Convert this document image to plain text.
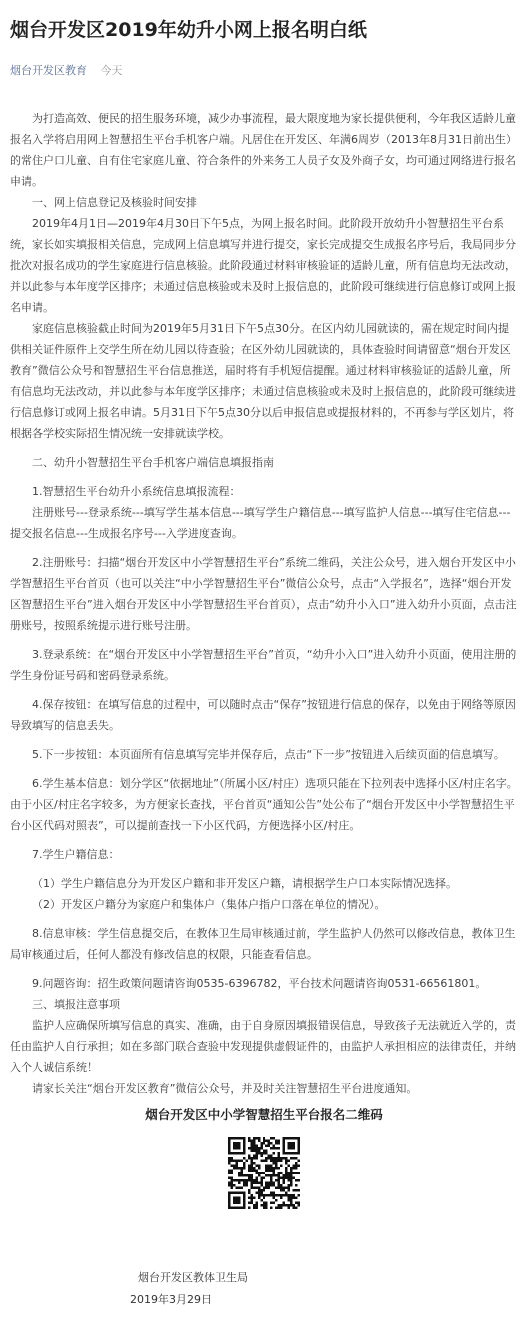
烟台开发区2019年幼升小网上报名明白纸
烟台开发区教育 今天

为打造高效、便民的招生服务环境，减少办事流程，最大限度地为家长提供便利，今年我区适龄儿童报名入学将启用网上智慧招生平台手机客户端。凡居住在开发区、年满6周岁（2013年8月31日前出生）的常住户口儿童、自有住宅家庭儿童、符合条件的外来务工人员子女及外商子女，均可通过网络进行报名申请。

一、网上信息登记及核验时间安排

2019年4月1日—2019年4月30日下午5点，为网上报名时间。此阶段开放幼升小智慧招生平台系统，家长如实填报相关信息，完成网上信息填写并进行提交，家长完成提交生成报名序号后，我局同步分批次对报名成功的学生家庭进行信息核验。此阶段通过材料审核验证的适龄儿童，所有信息均无法改动，并以此参与本年度学区排序；未通过信息核验或未及时上报信息的，此阶段可继续进行信息修订或网上报名申请。

家庭信息核验截止时间为2019年5月31日下午5点30分。在区内幼儿园就读的，需在规定时间内提供相关证件原件上交学生所在幼儿园以待查验；在区外幼儿园就读的，具体查验时间请留意“烟台开发区教育”微信公众号和智慧招生平台信息推送，届时将有手机短信提醒。通过材料审核验证的适龄儿童，所有信息均无法改动，并以此参与本年度学区排序；未通过信息核验或未及时上报信息的，此阶段可继续进行信息修订或网上报名申请。5月31日下午5点30分以后申报信息或提报材料的，不再参与学区划片，将根据各学校实际招生情况统一安排就读学校。

二、幼升小智慧招生平台手机客户端信息填报指南

1.智慧招生平台幼升小系统信息填报流程：

注册账号---登录系统---填写学生基本信息---填写学生户籍信息---填写监护人信息---填写住宅信息---提交报名信息---生成报名序号---入学进度查询。

2.注册账号：扫描“烟台开发区中小学智慧招生平台”系统二维码，关注公众号，进入烟台开发区中小学智慧招生平台首页（也可以关注“中小学智慧招生平台”微信公众号，点击“入学报名”，选择“烟台开发区智慧招生平台”进入烟台开发区中小学智慧招生平台首页），点击“幼升小入口”进入幼升小页面，点击注册账号，按照系统提示进行账号注册。

3.登录系统：在“烟台开发区中小学智慧招生平台”首页，“幼升小入口”进入幼升小页面，使用注册的学生身份证号码和密码登录系统。

4.保存按钮：在填写信息的过程中，可以随时点击“保存”按钮进行信息的保存，以免由于网络等原因导致填写的信息丢失。

5.下一步按钮：本页面所有信息填写完毕并保存后，点击“下一步”按钮进入后续页面的信息填写。

6.学生基本信息：划分学区“依据地址”（所属小区/村庄）选项只能在下拉列表中选择小区/村庄名字。由于小区/村庄名字较多，为方便家长查找，平台首页“通知公告”处公布了“烟台开发区中小学智慧招生平台小区代码对照表”，可以提前查找一下小区代码，方便选择小区/村庄。

7.学生户籍信息：

（1）学生户籍信息分为开发区户籍和非开发区户籍，请根据学生户口本实际情况选择。

（2）开发区户籍分为家庭户和集体户（集体户指户口落在单位的情况）。

8.信息审核：学生信息提交后，在教体卫生局审核通过前，学生监护人仍然可以修改信息，教体卫生局审核通过后，任何人都没有修改信息的权限，只能查看信息。

9.问题咨询：招生政策问题请咨询0535-6396782，平台技术问题请咨询0531-66561801。

三、填报注意事项

监护人应确保所填写信息的真实、准确，由于自身原因填报错误信息，导致孩子无法就近入学的，责任由监护人自行承担；如在多部门联合查验中发现提供虚假证件的，由监护人承担相应的法律责任，并纳入个人诚信系统！

请家长关注“烟台开发区教育”微信公众号，并及时关注智慧招生平台进度通知。

烟台开发区中小学智慧招生平台报名二维码

烟台开发区教体卫生局

2019年3月29日
